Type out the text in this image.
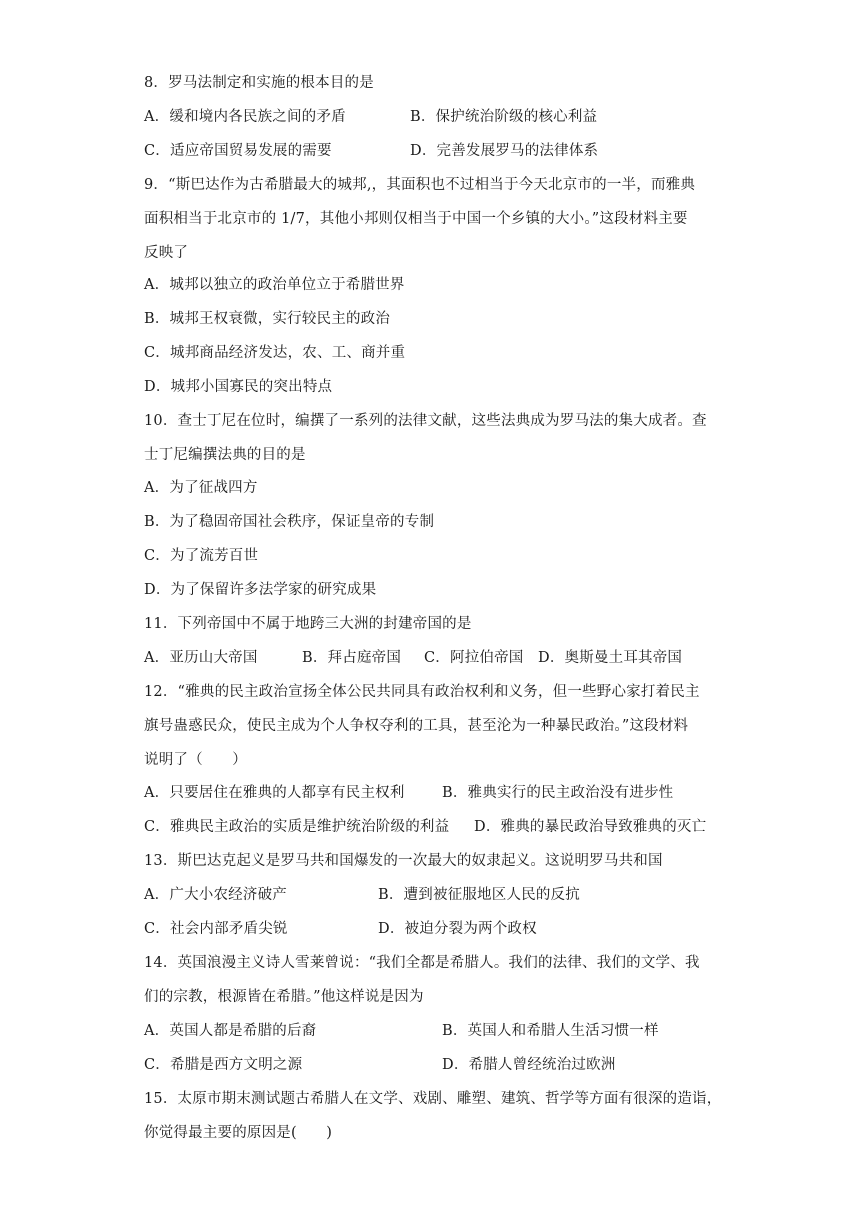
8．罗马法制定和实施的根本目的是
A．缓和境内各民族之间的矛盾	B．保护统治阶级的核心利益
C．适应帝国贸易发展的需要	D．完善发展罗马的法律体系
9．“斯巴达作为古希腊最大的城邦,，其面积也不过相当于今天北京市的一半，而雅典
面积相当于北京市的 1/7，其他小邦则仅相当于中国一个乡镇的大小。”这段材料主要
反映了
A．城邦以独立的政治单位立于希腊世界
B．城邦王权衰微，实行较民主的政治
C．城邦商品经济发达，农、工、商并重
D．城邦小国寡民的突出特点
10．查士丁尼在位时，编撰了一系列的法律文献，这些法典成为罗马法的集大成者。查
士丁尼编撰法典的目的是
A．为了征战四方
B．为了稳固帝国社会秩序，保证皇帝的专制
C．为了流芳百世
D．为了保留许多法学家的研究成果
11．下列帝国中不属于地跨三大洲的封建帝国的是
A．亚历山大帝国	B．拜占庭帝国 C．阿拉伯帝国 D．奥斯曼土耳其帝国
12．“雅典的民主政治宣扬全体公民共同具有政治权利和义务，但一些野心家打着民主
旗号蛊惑民众，使民主成为个人争权夺利的工具，甚至沦为一种暴民政治。”这段材料
说明了（　　）
A．只要居住在雅典的人都享有民主权利	B．雅典实行的民主政治没有进步性
C．雅典民主政治的实质是维护统治阶级的利益 D．雅典的暴民政治导致雅典的灭亡
13．斯巴达克起义是罗马共和国爆发的一次最大的奴隶起义。这说明罗马共和国
A．广大小农经济破产	B．遭到被征服地区人民的反抗
C．社会内部矛盾尖锐	D．被迫分裂为两个政权
14．英国浪漫主义诗人雪莱曾说：“我们全都是希腊人。我们的法律、我们的文学、我
们的宗教，根源皆在希腊。”他这样说是因为
A．英国人都是希腊的后裔	B．英国人和希腊人生活习惯一样
C．希腊是西方文明之源	D．希腊人曾经统治过欧洲
15．太原市期末测试题古希腊人在文学、戏剧、雕塑、建筑、哲学等方面有很深的造诣，
你觉得最主要的原因是(　　)
